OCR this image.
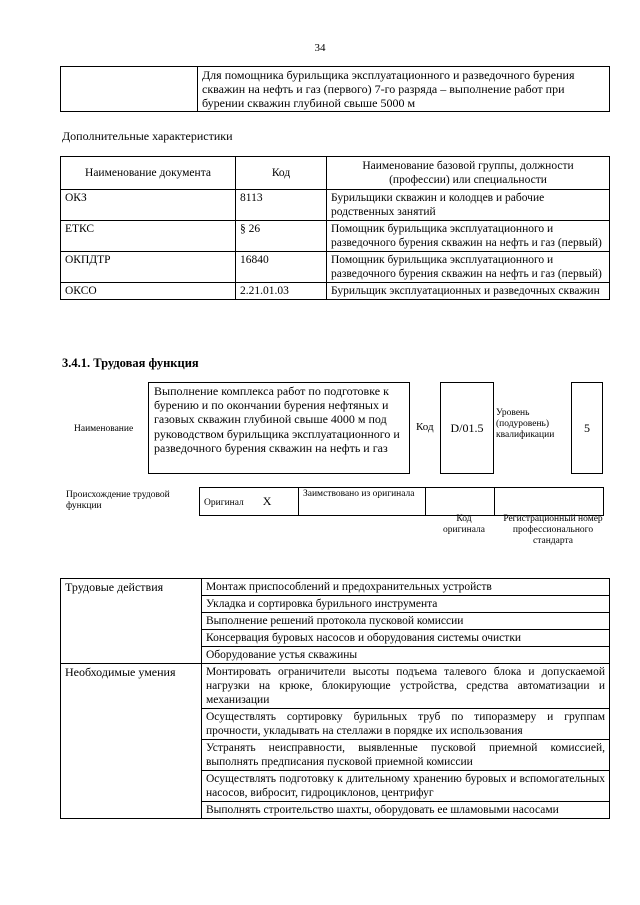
34
	Для помощника бурильщика эксплуатационного и разведочного бурения скважин на нефть и газ (первого) 7-го разряда – выполнение работ при бурении скважин глубиной свыше 5000 м
Дополнительные характеристики
Наименование документа	Код	Наименование базовой группы, должности (профессии) или специальности
ОКЗ	8113	Бурильщики скважин и колодцев и рабочие родственных занятий
ЕТКС	§ 26	Помощник бурильщика эксплуатационного и разведочного бурения скважин на нефть и газ (первый)
ОКПДТР	16840	Помощник бурильщика эксплуатационного и разведочного бурения скважин на нефть и газ (первый)
ОКСО	2.21.01.03	Бурильщик эксплуатационных и разведочных скважин
3.4.1. Трудовая функция
Наименование
Выполнение комплекса работ по подготовке к бурению и по окончании бурения нефтяных и газовых скважин глубиной свыше 4000 м под руководством бурильщика эксплуатационного и разведочного бурения скважин на нефть и газ
Код D/01.5
Уровень (подуровень) квалификации
5
Происхождение трудовой функции	Оригинал X	Заимствовано из оригинала		
Код оригинала
Регистрационный номер профессионального стандарта
Трудовые действия	Монтаж приспособлений и предохранительных устройств
	Укладка и сортировка бурильного инструмента
	Выполнение решений протокола пусковой комиссии
	Консервация буровых насосов и оборудования системы очистки
	Оборудование устья скважины
Необходимые умения	Монтировать ограничители высоты подъема талевого блока и допускаемой нагрузки на крюке, блокирующие устройства, средства автоматизации и механизации
	Осуществлять сортировку бурильных труб по типоразмеру и группам прочности, укладывать на стеллажи в порядке их использования
	Устранять неисправности, выявленные пусковой приемной комиссией, выполнять предписания пусковой приемной комиссии
	Осуществлять подготовку к длительному хранению буровых и вспомогательных насосов, вибросит, гидроциклонов, центрифуг
	Выполнять строительство шахты, оборудовать ее шламовыми насосами
